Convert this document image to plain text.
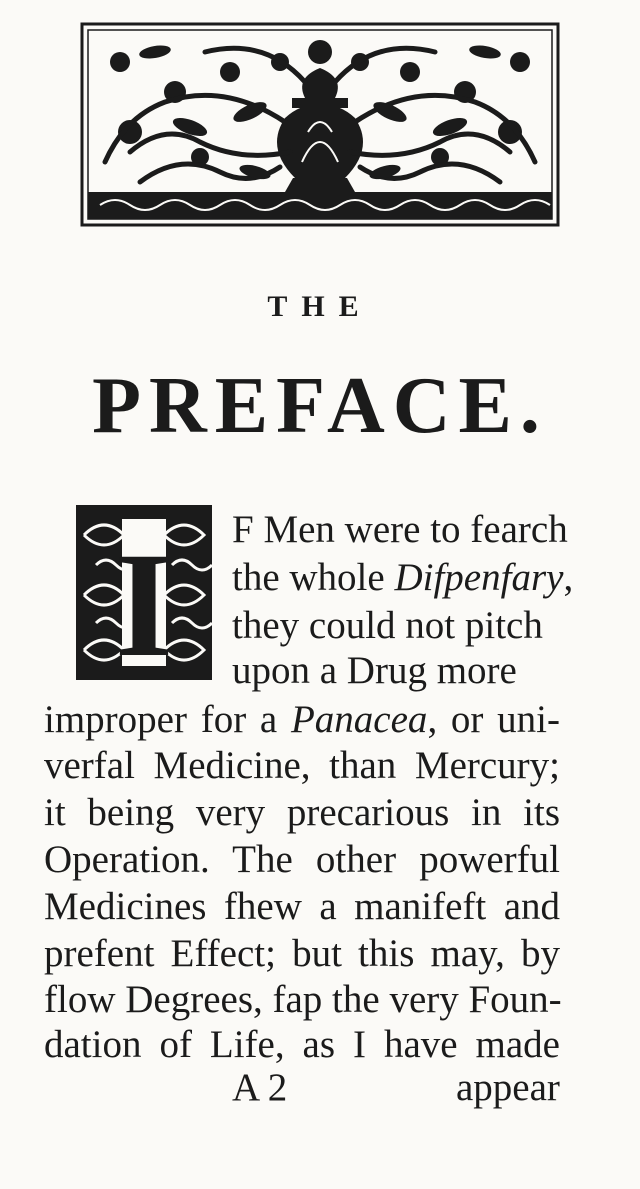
THE
PREFACE.
I F Men were to fearch
the whole Difpenfary,
they could not pitch
upon a Drug more
improper for a Panacea, or uni-
verfal Medicine, than Mercury;
it being very precarious in its
Operation. The other powerful
Medicines fhew a manifeft and
prefent Effect; but this may, by
flow Degrees, fap the very Foun-
dation of Life, as I have made
A 2	appear
